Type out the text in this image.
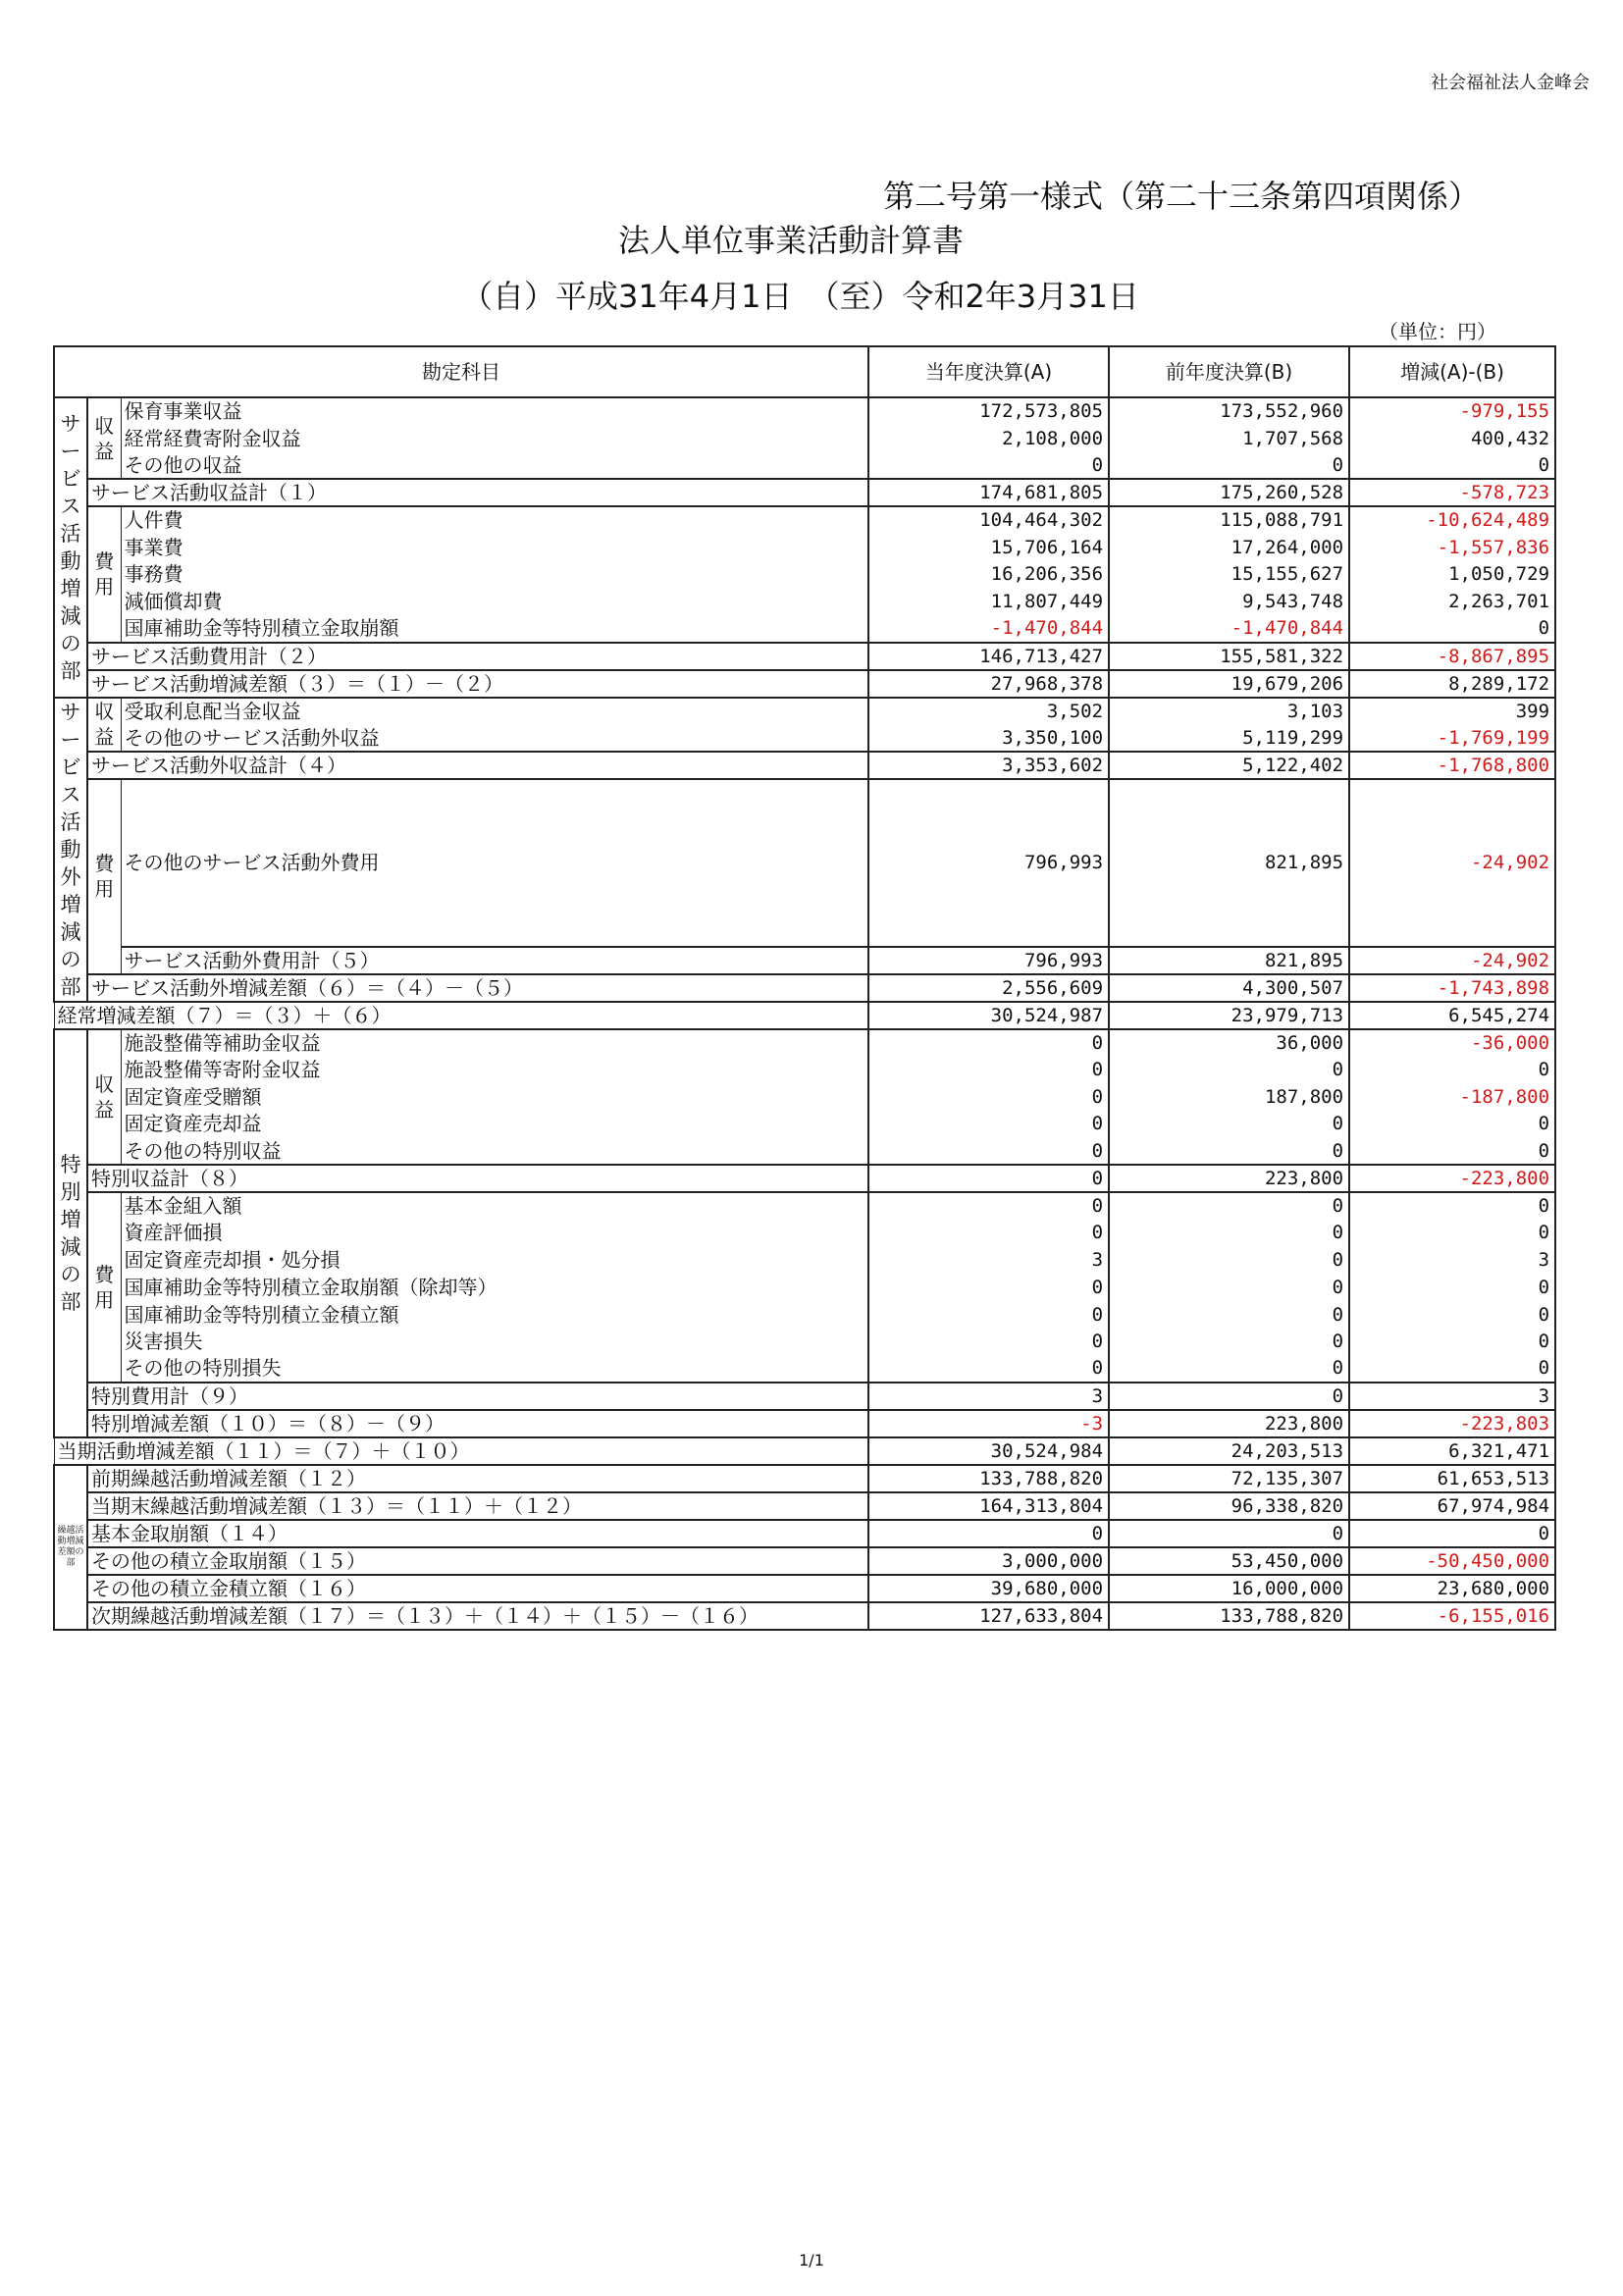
社会福祉法人金峰会
第二号第一様式（第二十三条第四項関係）
法人単位事業活動計算書
（自）平成31年4月1日　（至）令和2年3月31日
（単位：円）
勘定科目			当年度決算(A)	前年度決算(B)	増減(A)-(B)
サービス活動増減の部	収益	保育事業収益	172,573,805	173,552,960	-979,155
		経常経費寄附金収益	2,108,000	1,707,568	400,432
		その他の収益	0	0	0
	サービス活動収益計（１）		174,681,805	175,260,528	-578,723
	費用	人件費	104,464,302	115,088,791	-10,624,489
		事業費	15,706,164	17,264,000	-1,557,836
		事務費	16,206,356	15,155,627	1,050,729
		減価償却費	11,807,449	9,543,748	2,263,701
		国庫補助金等特別積立金取崩額	-1,470,844	-1,470,844	0
	サービス活動費用計（２）		146,713,427	155,581,322	-8,867,895
	サービス活動増減差額（３）＝（１）－（２）		27,968,378	19,679,206	8,289,172
サービス活動外増減の部	収益	受取利息配当金収益	3,502	3,103	399
		その他のサービス活動外収益	3,350,100	5,119,299	-1,769,199
	サービス活動外収益計（４）		3,353,602	5,122,402	-1,768,800
	費用	その他のサービス活動外費用	796,993	821,895	-24,902
		サービス活動外費用計（５）	796,993	821,895	-24,902
	サービス活動外増減差額（６）＝（４）－（５）		2,556,609	4,300,507	-1,743,898
経常増減差額（７）＝（３）＋（６）			30,524,987	23,979,713	6,545,274
特別増減の部	収益	施設整備等補助金収益	0	36,000	-36,000
		施設整備等寄附金収益	0	0	0
		固定資産受贈額	0	187,800	-187,800
		固定資産売却益	0	0	0
		その他の特別収益	0	0	0
	特別収益計（８）		0	223,800	-223,800
	費用	基本金組入額	0	0	0
		資産評価損	0	0	0
		固定資産売却損・処分損	3	0	3
		国庫補助金等特別積立金取崩額（除却等）	0	0	0
		国庫補助金等特別積立金積立額	0	0	0
		災害損失	0	0	0
		その他の特別損失	0	0	0
	特別費用計（９）		3	0	3
	特別増減差額（１０）＝（８）－（９）		-3	223,800	-223,803
当期活動増減差額（１１）＝（７）＋（１０）			30,524,984	24,203,513	6,321,471
繰越活動増減差額の部	前期繰越活動増減差額（１２）		133,788,820	72,135,307	61,653,513
	当期末繰越活動増減差額（１３）＝（１１）＋（１２）		164,313,804	96,338,820	67,974,984
	基本金取崩額（１４）		0	0	0
	その他の積立金取崩額（１５）		3,000,000	53,450,000	-50,450,000
	その他の積立金積立額（１６）		39,680,000	16,000,000	23,680,000
	次期繰越活動増減差額（１７）＝（１３）＋（１４）＋（１５）－（１６）		127,633,804	133,788,820	-6,155,016
1/1
